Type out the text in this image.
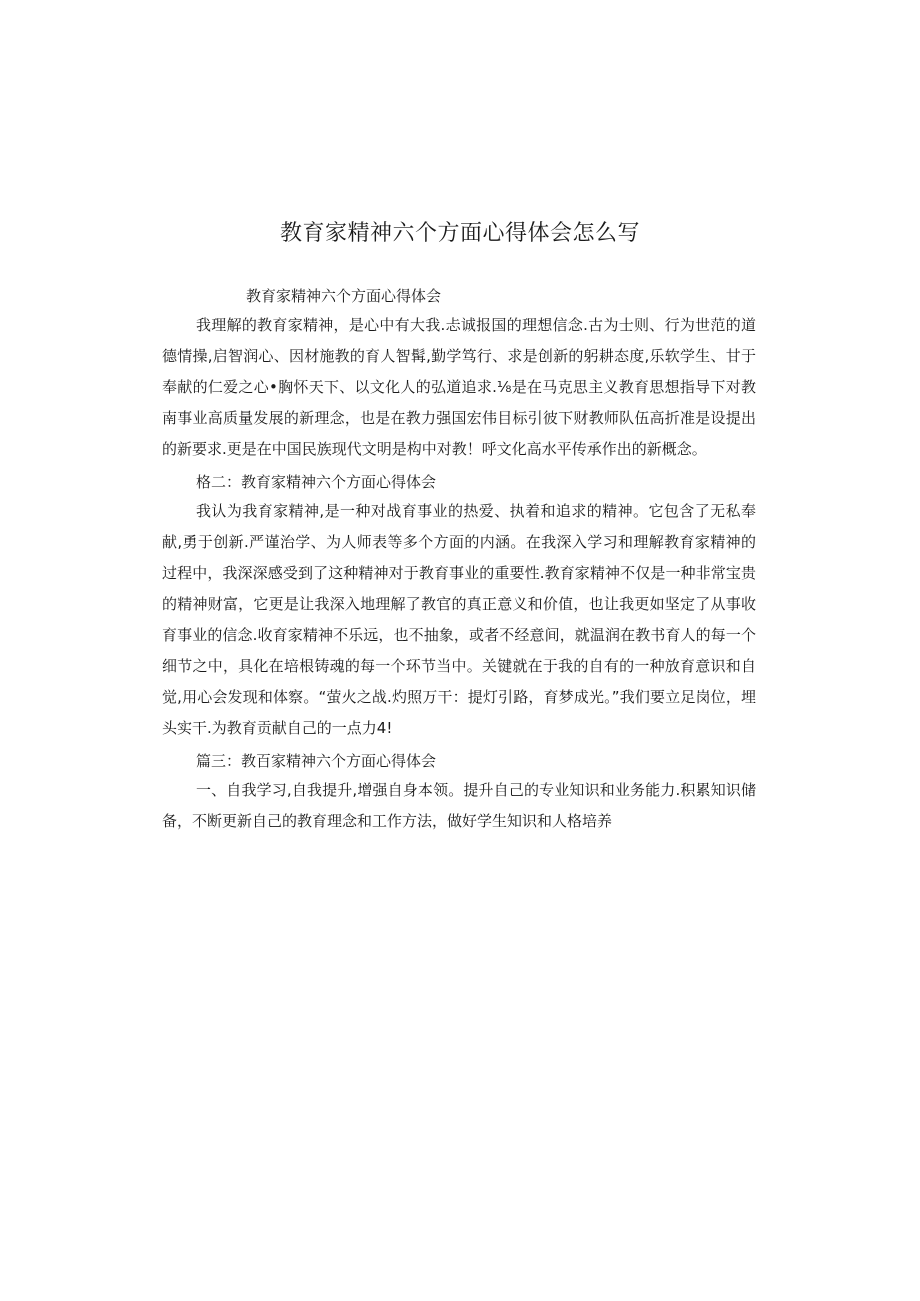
教育家精神六个方面心得体会怎么写

教育家精神六个方面心得体会

我理解的教育家精神，是心中有大我.忐诚报国的理想信念.古为士则、行为世范的道德情操,启智润心、因材施教的育人智髯,勤学笃行、求是创新的躬耕态度,乐软学生、甘于奉献的仁爱之心•胸怀天下、以文化人的弘道追求.⅛是在马克思主义教育思想指导下对教南事业高质量发展的新理念，也是在教力强国宏伟目标引彼下财教师队伍高折准是设提出的新要求.更是在中国民族现代文明是构中对教！呼文化高水平传承作出的新概念。

格二：教育家精神六个方面心得体会

我认为我育家精神,是一种对战育事业的热爱、执着和追求的精神。它包含了无私奉献,勇于创新.严谨治学、为人师表等多个方面的内涵。在我深入学习和理解教育家精神的过程中，我深深感受到了这种精神对于教育事业的重要性.教育家精神不仅是一种非常宝贵的精神财富，它更是让我深入地理解了教官的真正意义和价值，也让我更如坚定了从事收育事业的信念.收育家精神不乐远，也不抽象，或者不经意间，就温润在教书育人的每一个细节之中，具化在培根铸魂的每一个环节当中。关键就在于我的自有的一种放育意识和自觉,用心会发现和体察。“萤火之战.灼照万干：提灯引路，育梦成光。”我们要立足岗位，埋头实干.为教育贡献自己的一点力4!

篇三：教百家精神六个方面心得体会

一、自我学习,自我提升,增强自身本领。提升自己的专业知识和业务能力.积累知识储备，不断更新自己的教育理念和工作方法，做好学生知识和人格培养
